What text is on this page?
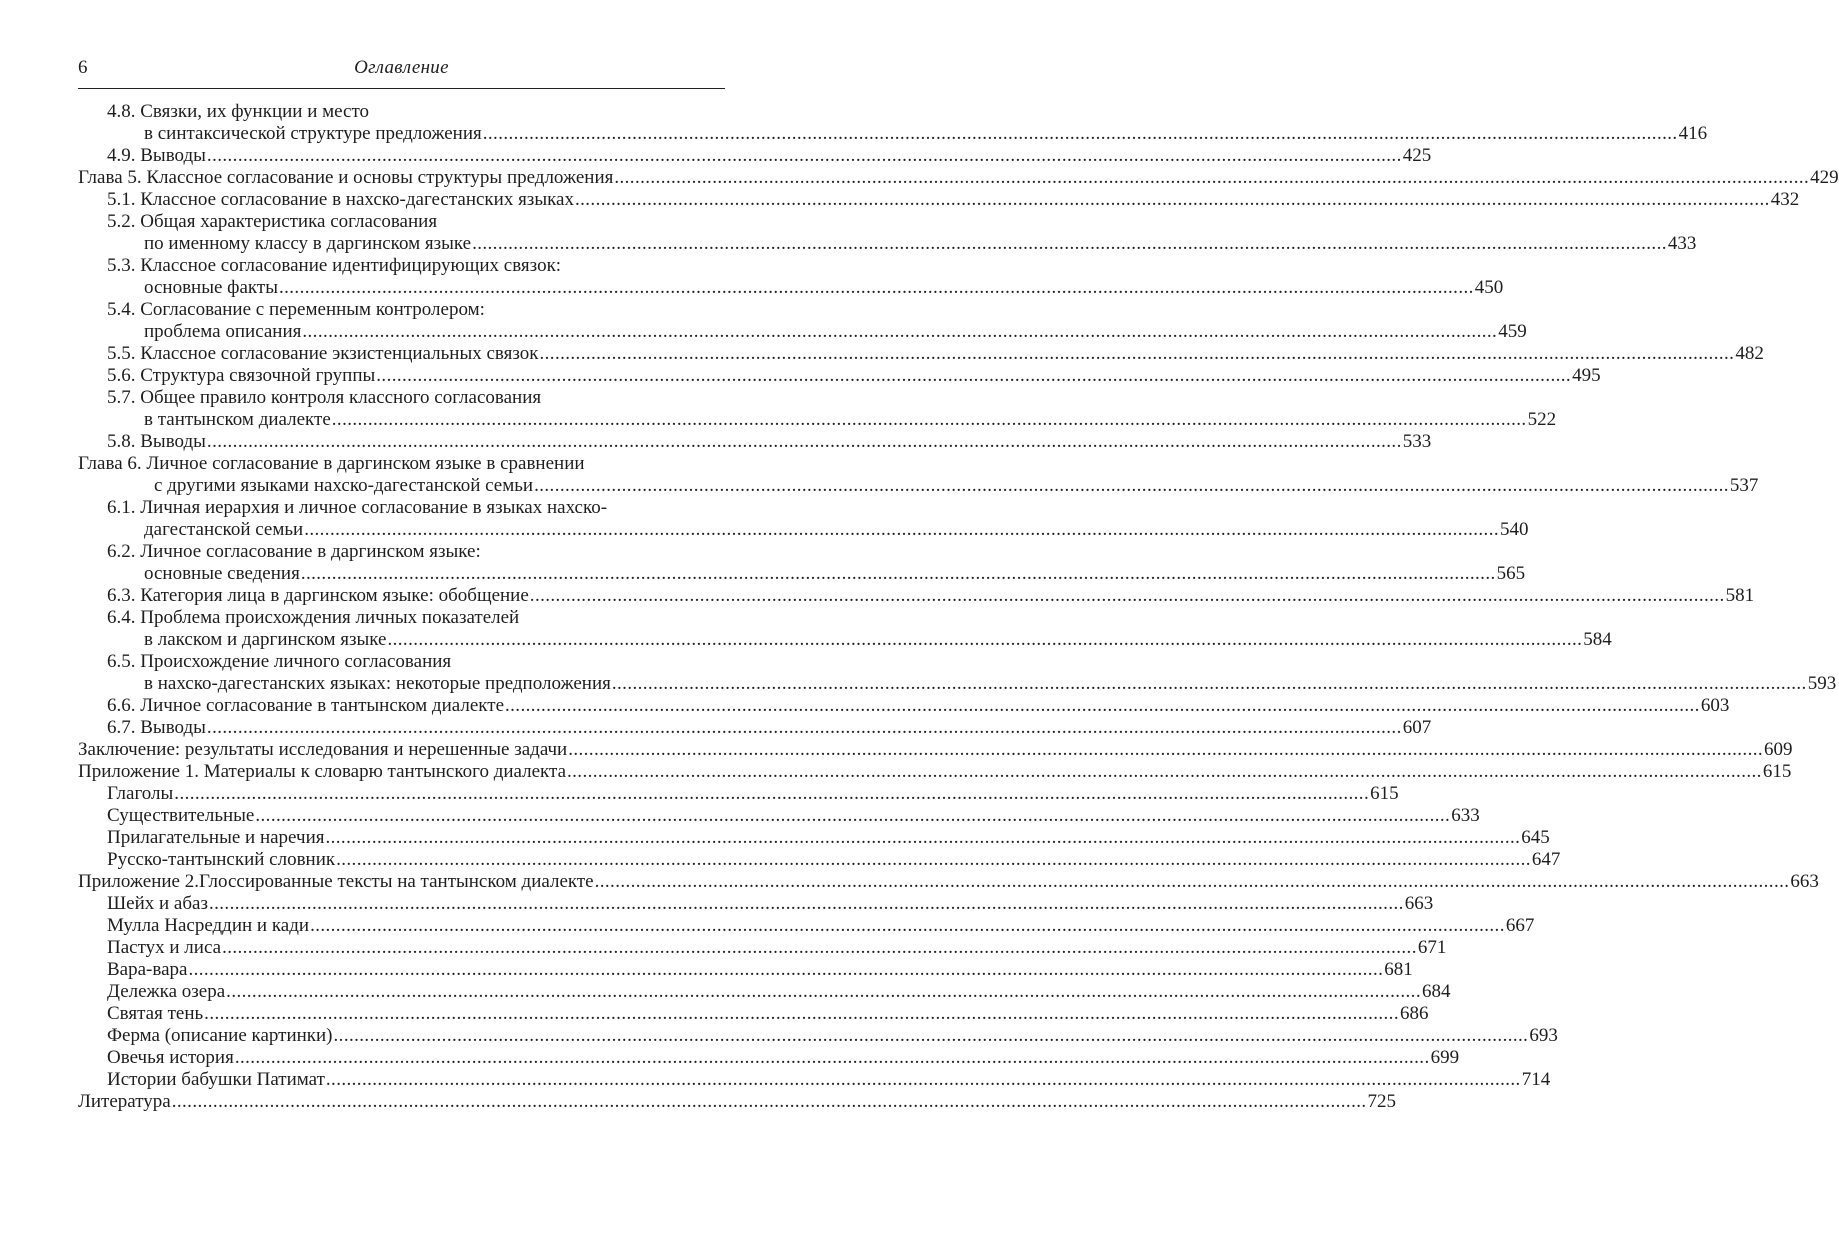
6	Оглавление
4.8. Связки, их функции и место
в синтаксической структуре предложения .....	416
4.9. Выводы .....	425
Глава 5. Классное согласование и основы структуры предложения .....	429
5.1. Классное согласование в нахско-дагестанских языках .....	432
5.2. Общая характеристика согласования
по именному классу в даргинском языке .....	433
5.3. Классное согласование идентифицирующих связок:
основные факты .....	450
5.4. Согласование с переменным контролером:
проблема описания .....	459
5.5. Классное согласование экзистенциальных связок .....	482
5.6. Структура связочной группы .....	495
5.7. Общее правило контроля классного согласования
в тантынском диалекте .....	522
5.8. Выводы .....	533
Глава 6. Личное согласование в даргинском языке в сравнении
с другими языками нахско-дагестанской семьи .....	537
6.1. Личная иерархия и личное согласование в языках нахско-
дагестанской семьи .....	540
6.2. Личное согласование в даргинском языке:
основные сведения .....	565
6.3. Категория лица в даргинском языке: обобщение .....	581
6.4. Проблема происхождения личных показателей
в лакском и даргинском языке .....	584
6.5. Происхождение личного согласования
в нахско-дагестанских языках: некоторые предположения .....	593
6.6. Личное согласование в тантынском диалекте .....	603
6.7. Выводы .....	607
Заключение: результаты исследования и нерешенные задачи .....	609
Приложение 1. Материалы к словарю тантынского диалекта .....	615
Глаголы .....	615
Существительные .....	633
Прилагательные и наречия .....	645
Русско-тантынский словник .....	647
Приложение 2.Глоссированные тексты на тантынском диалекте .....	663
Шейх и абаз .....	663
Мулла Насреддин и кади .....	667
Пастух и лиса .....	671
Вара-вара .....	681
Дележка озера .....	684
Святая тень .....	686
Ферма (описание картинки) .....	693
Овечья история .....	699
Истории бабушки Патимат .....	714
Литература .....	725
